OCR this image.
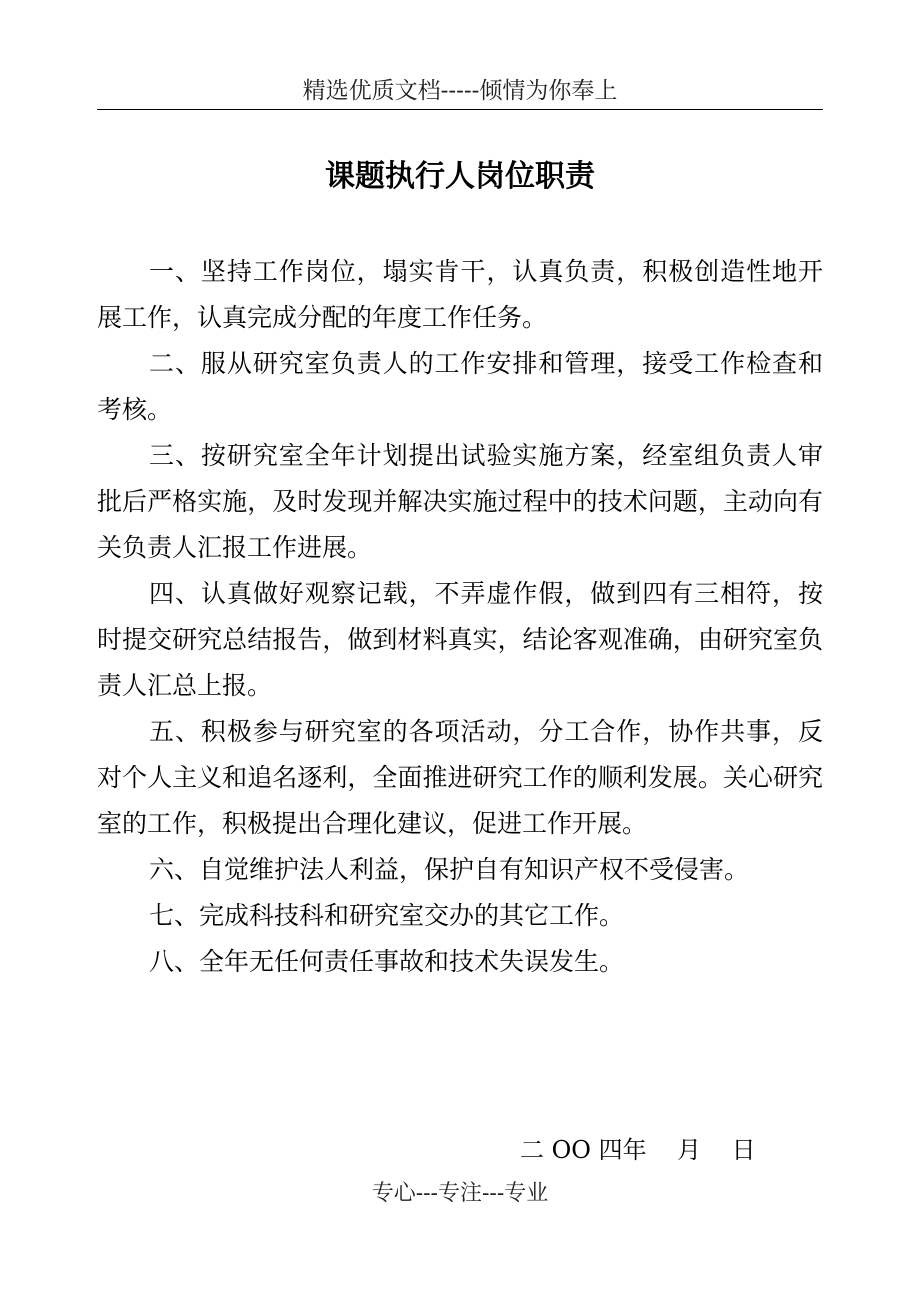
精选优质文档-----倾情为你奉上
课题执行人岗位职责

一、坚持工作岗位，塌实肯干，认真负责，积极创造性地开展工作，认真完成分配的年度工作任务。

二、服从研究室负责人的工作安排和管理，接受工作检查和考核。

三、按研究室全年计划提出试验实施方案，经室组负责人审批后严格实施，及时发现并解决实施过程中的技术问题，主动向有关负责人汇报工作进展。

四、认真做好观察记载，不弄虚作假，做到四有三相符，按时提交研究总结报告，做到材料真实，结论客观准确，由研究室负责人汇总上报。

五、积极参与研究室的各项活动，分工合作，协作共事，反对个人主义和追名逐利，全面推进研究工作的顺利发展。关心研究室的工作，积极提出合理化建议，促进工作开展。

六、自觉维护法人利益，保护自有知识产权不受侵害。

七、完成科技科和研究室交办的其它工作。

八、全年无任何责任事故和技术失误发生。

二 OO 四年    月    日
专心---专注---专业
